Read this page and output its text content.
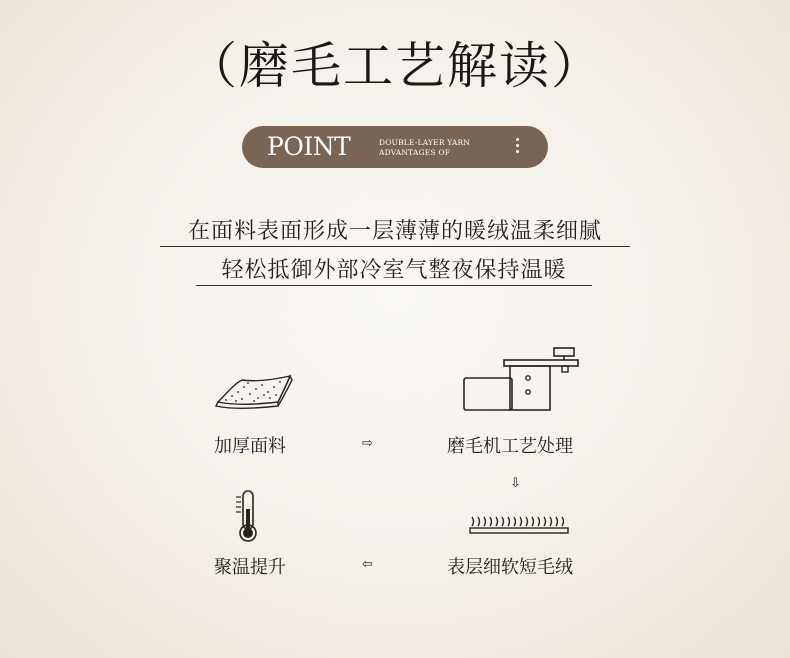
（磨毛工艺解读）
POINT	DOUBLE-LAYER YARN
ADVANTAGES OF
在面料表面形成一层薄薄的暖绒温柔细腻
轻松抵御外部冷室气整夜保持温暖
加厚面料	磨毛机工艺处理
表层细软短毛绒
聚温提升
⇨
⇩
⇦
